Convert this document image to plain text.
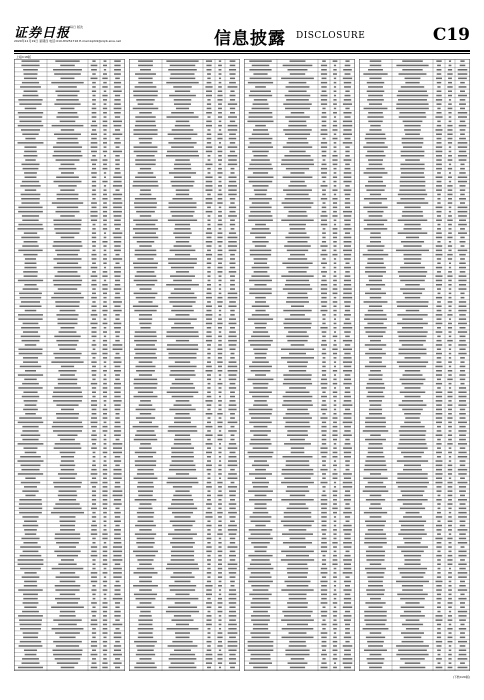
证券日报 每日 版次
2020年11月19日 星期四 电话:010-83251716 E-mail:zqrb9@zqrb.sina.net	信息披露 DISCLOSURE	C19
上接C18版
(下转C20版)
